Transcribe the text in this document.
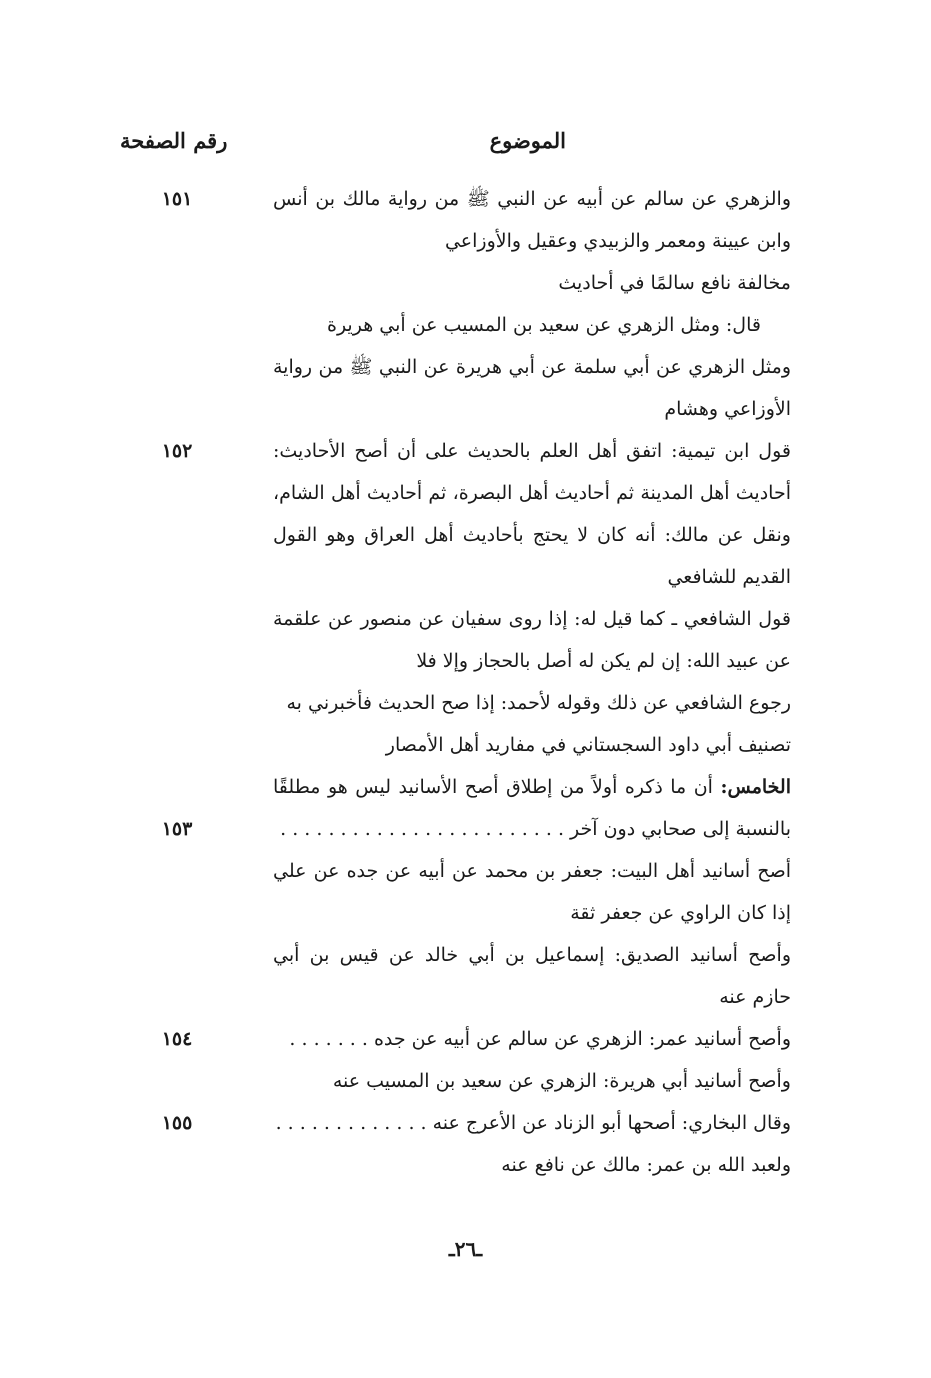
الموضوع
رقم الصفحة
والزهري عن سالم عن أبيه عن النبي ﷺ من رواية مالك بن أنس وابن عيينة ومعمر والزبيدي وعقيل والأوزاعي
١٥١
مخالفة نافع سالمًا في أحاديث
قال: ومثل الزهري عن سعيد بن المسيب عن أبي هريرة
ومثل الزهري عن أبي سلمة عن أبي هريرة عن النبي ﷺ من رواية الأوزاعي وهشام
قول ابن تيمية: اتفق أهل العلم بالحديث على أن أصح الأحاديث: أحاديث أهل المدينة ثم أحاديث أهل البصرة، ثم أحاديث أهل الشام، ونقل عن مالك: أنه كان لا يحتج بأحاديث أهل العراق وهو القول القديم للشافعي
١٥٢
قول الشافعي ـ كما قيل له: إذا روى سفيان عن منصور عن علقمة عن عبيد الله: إن لم يكن له أصل بالحجاز وإلا فلا
رجوع الشافعي عن ذلك وقوله لأحمد: إذا صح الحديث فأخبرني به
تصنيف أبي داود السجستاني في مفاريد أهل الأمصار
الخامس: أن ما ذكره أولاً من إطلاق أصح الأسانيد ليس هو مطلقًا بالنسبة إلى صحابي دون آخر . . . . . . . . . . . . . . . . . . . . . . . .
١٥٣
أصح أسانيد أهل البيت: جعفر بن محمد عن أبيه عن جده عن علي إذا كان الراوي عن جعفر ثقة
وأصح أسانيد الصديق: إسماعيل بن أبي خالد عن قيس بن أبي حازم عنه
وأصح أسانيد عمر: الزهري عن سالم عن أبيه عن جده . . . . . . .
١٥٤
وأصح أسانيد أبي هريرة: الزهري عن سعيد بن المسيب عنه
وقال البخاري: أصحها أبو الزناد عن الأعرج عنه . . . . . . . . . . . . .
١٥٥
ولعبد الله بن عمر: مالك عن نافع عنه
ـ٢٦ـ
